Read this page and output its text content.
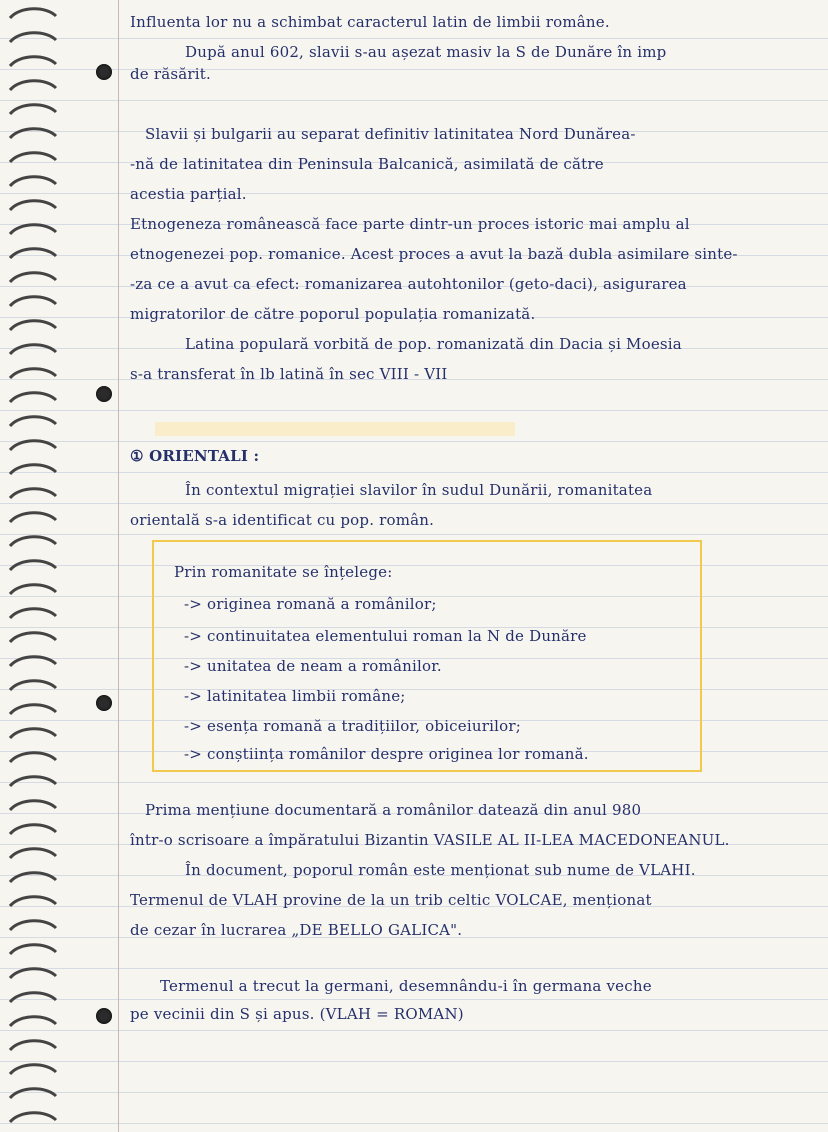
Influenta lor nu a schimbat caracterul latin de limbii române.
După anul 602, slavii s-au așezat masiv la S de Dunăre în imp
de răsărit.
Slavii și bulgarii au separat definitiv latinitatea Nord Dunărea-
-nă de latinitatea din Peninsula Balcanică, asimilată de către
acestia parțial.
Etnogeneza românească face parte dintr-un proces istoric mai amplu al
etnogenezei pop. romanice. Acest proces a avut la bază dubla asimilare sinte-
-za ce a avut ca efect: romanizarea autohtonilor (geto-daci), asigurarea
migratorilor de către poporul populația romanizată.
Latina populară vorbită de pop. romanizată din Dacia și Moesia
s-a transferat în lb latină în sec VIII - VII
① ORIENTALI :
În contextul migrației slavilor în sudul Dunării, romanitatea
orientală s-a identificat cu pop. român.
Prin romanitate se înțelege:
-> originea romană a românilor;
-> continuitatea elementului roman la N de Dunăre
-> unitatea de neam a românilor.
-> latinitatea limbii române;
-> esența romană a tradițiilor, obiceiurilor;
-> conștiința românilor despre originea lor romană.
Prima mențiune documentară a românilor datează din anul 980
într-o scrisoare a împăratului Bizantin VASILE AL II-LEA MACEDONEANUL.
În document, poporul român este menționat sub nume de VLAHI.
Termenul de VLAH provine de la un trib celtic VOLCAE, menționat
de cezar în lucrarea „DE BELLO GALICA".
Termenul a trecut la germani, desemnându-i în germana veche
pe vecinii din S și apus. (VLAH = ROMAN)
